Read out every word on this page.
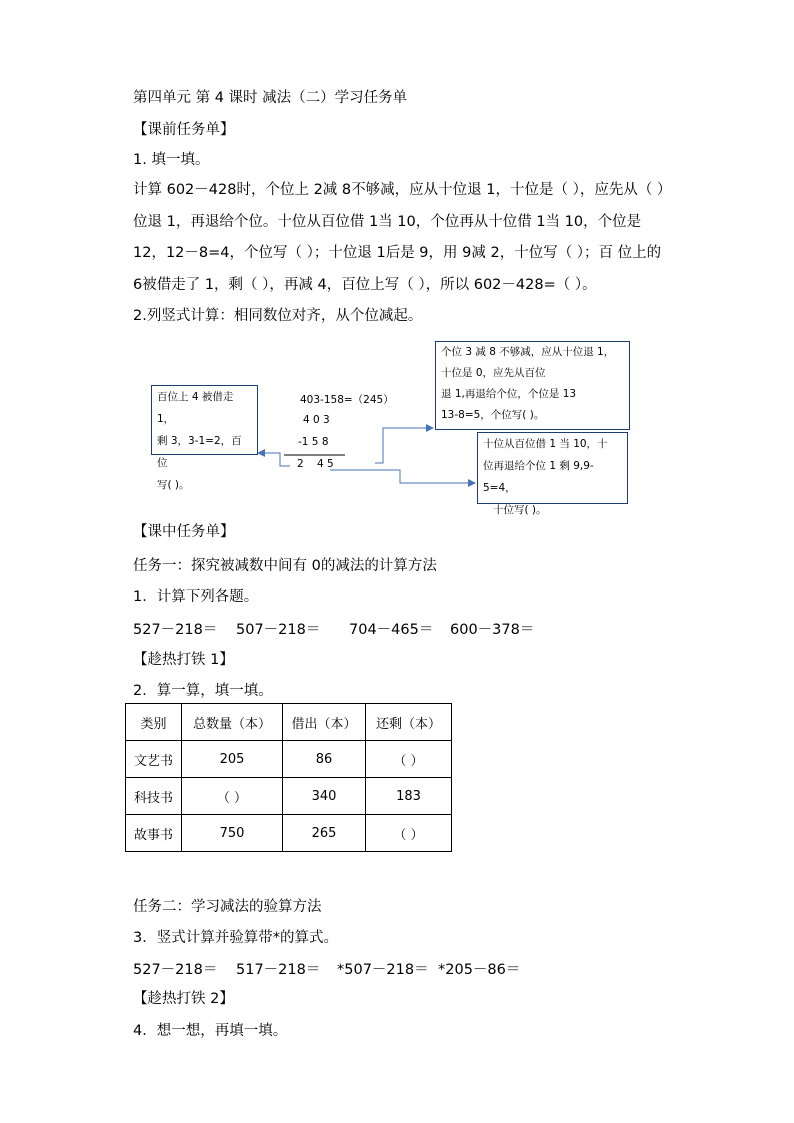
第四单元 第 4 课时 减法（二）学习任务单
【课前任务单】
1. 填一填。
计算 602－428时，个位上 2减 8不够减，应从十位退 1，十位是（ ），应先从（ ）位退 1，再退给个位。十位从百位借 1当 10，个位再从十位借 1当 10，个位是 12，12－8=4，个位写（ ）；十位退 1后是 9，用 9减 2，十位写（ ）；百 位上的 6被借走了 1，剩（ ），再减 4，百位上写（ ），所以 602－428=（ ）。
2.列竖式计算：相同数位对齐，从个位减起。
百位上 4 被借走 1，
剩 3，3-1=2，百位
写( )。
403-158=（245）
4 0 3
-1 5 8
2    4 5
个位 3 减 8 不够减，应从十位退 1，
十位是 0，应先从百位
退 1,再退给个位，个位是 13
13-8=5，个位写( )。
十位从百位借 1 当 10，十
位再退给个位 1 剩 9,9-5=4，
十位写( )。
【课中任务单】
任务一：探究被减数中间有 0的减法的计算方法
1．计算下列各题。
527－218＝ 507－218＝ 704－465＝ 600－378＝
【趁热打铁 1】
2．算一算，填一填。
类别	总数量（本）	借出（本）	还剩（本）
文艺书	205	86	（ ）
科技书	（ ）	340	183
故事书	750	265	（ ）
任务二：学习减法的验算方法
3．竖式计算并验算带*的算式。
527－218＝ 517－218＝ *507－218＝ *205－86＝
【趁热打铁 2】
4．想一想，再填一填。
